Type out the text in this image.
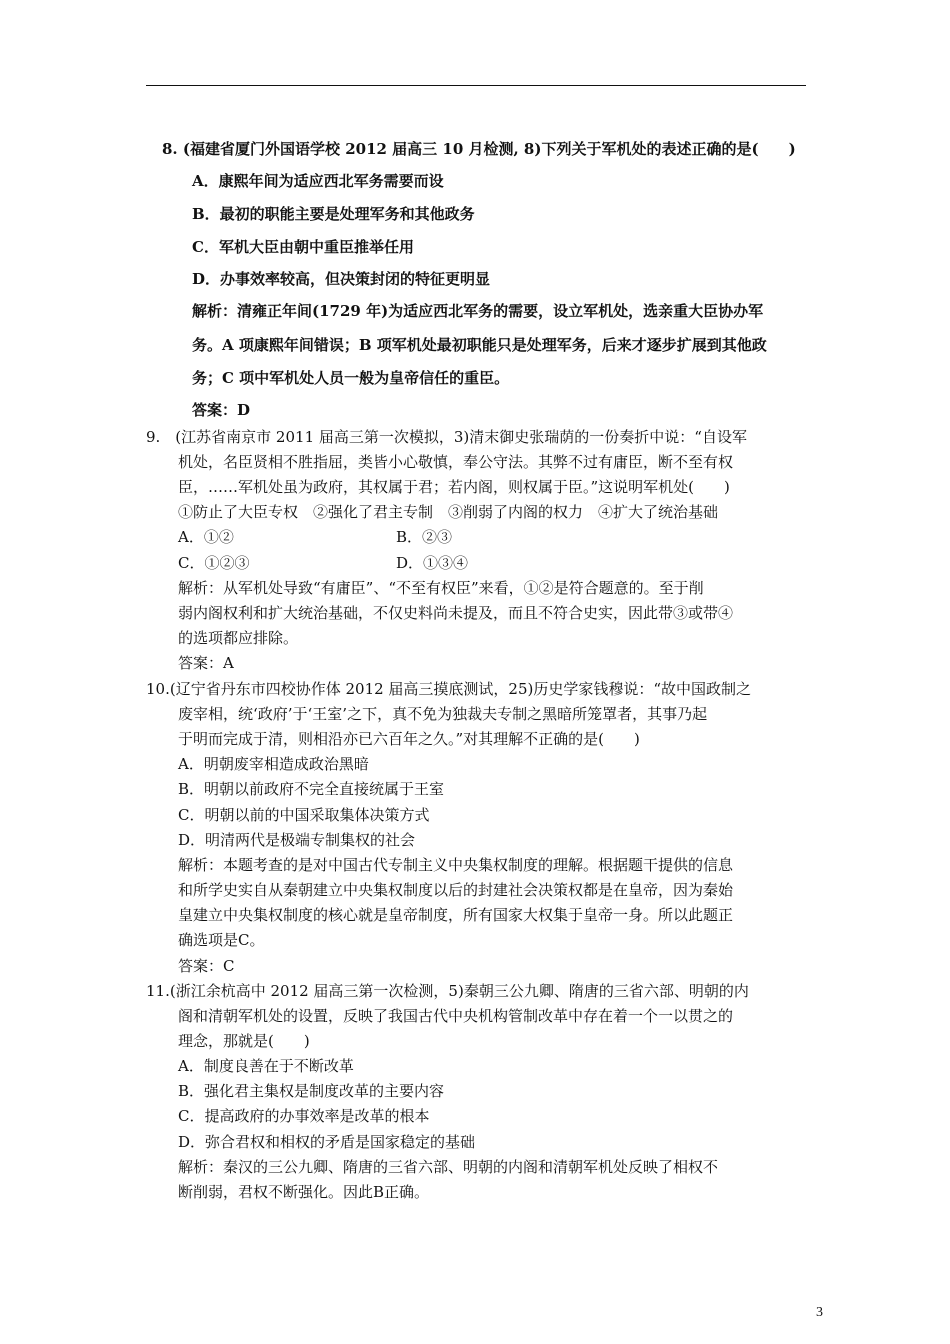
8. (福建省厦门外国语学校 2012 届高三 10 月检测, 8)下列关于军机处的表述正确的是(　　)
A．康熙年间为适应西北军务需要而设
B．最初的职能主要是处理军务和其他政务
C．军机大臣由朝中重臣推举任用
D．办事效率较高，但决策封闭的特征更明显
解析：清雍正年间(1729 年)为适应西北军务的需要，设立军机处，选亲重大臣协办军
务。A 项康熙年间错误；B 项军机处最初职能只是处理军务，后来才逐步扩展到其他政
务；C 项中军机处人员一般为皇帝信任的重臣。
答案：D
9.　(江苏省南京市 2011 届高三第一次模拟，3)清末御史张瑞荫的一份奏折中说：“自设军
机处，名臣贤相不胜指屈，类皆小心敬慎，奉公守法。其弊不过有庸臣，断不至有权
臣，……军机处虽为政府，其权属于君；若内阁，则权属于臣。”这说明军机处(　　)
①防止了大臣专权　②强化了君主专制　③削弱了内阁的权力　④扩大了统治基础
A．①②	B．②③
C．①②③	D．①③④
解析：从军机处导致“有庸臣”、“不至有权臣”来看，①②是符合题意的。至于削
弱内阁权利和扩大统治基础，不仅史料尚未提及，而且不符合史实，因此带③或带④
的选项都应排除。
答案：A
10.(辽宁省丹东市四校协作体 2012 届高三摸底测试，25)历史学家钱穆说：“故中国政制之
废宰相，统‘政府’于‘王室’之下，真不免为独裁夫专制之黑暗所笼罩者，其事乃起
于明而完成于清，则相沿亦已六百年之久。”对其理解不正确的是(　　)
A．明朝废宰相造成政治黑暗
B．明朝以前政府不完全直接统属于王室
C．明朝以前的中国采取集体决策方式
D．明清两代是极端专制集权的社会
解析：本题考查的是对中国古代专制主义中央集权制度的理解。根据题干提供的信息
和所学史实自从秦朝建立中央集权制度以后的封建社会决策权都是在皇帝，因为秦始
皇建立中央集权制度的核心就是皇帝制度，所有国家大权集于皇帝一身。所以此题正
确选项是C。
答案：C
11.(浙江余杭高中 2012 届高三第一次检测，5)秦朝三公九卿、隋唐的三省六部、明朝的内
阁和清朝军机处的设置，反映了我国古代中央机构管制改革中存在着一个一以贯之的
理念，那就是(　　)
A．制度良善在于不断改革
B．强化君主集权是制度改革的主要内容
C．提高政府的办事效率是改革的根本
D．弥合君权和相权的矛盾是国家稳定的基础
解析：秦汉的三公九卿、隋唐的三省六部、明朝的内阁和清朝军机处反映了相权不
断削弱，君权不断强化。因此B正确。
3
